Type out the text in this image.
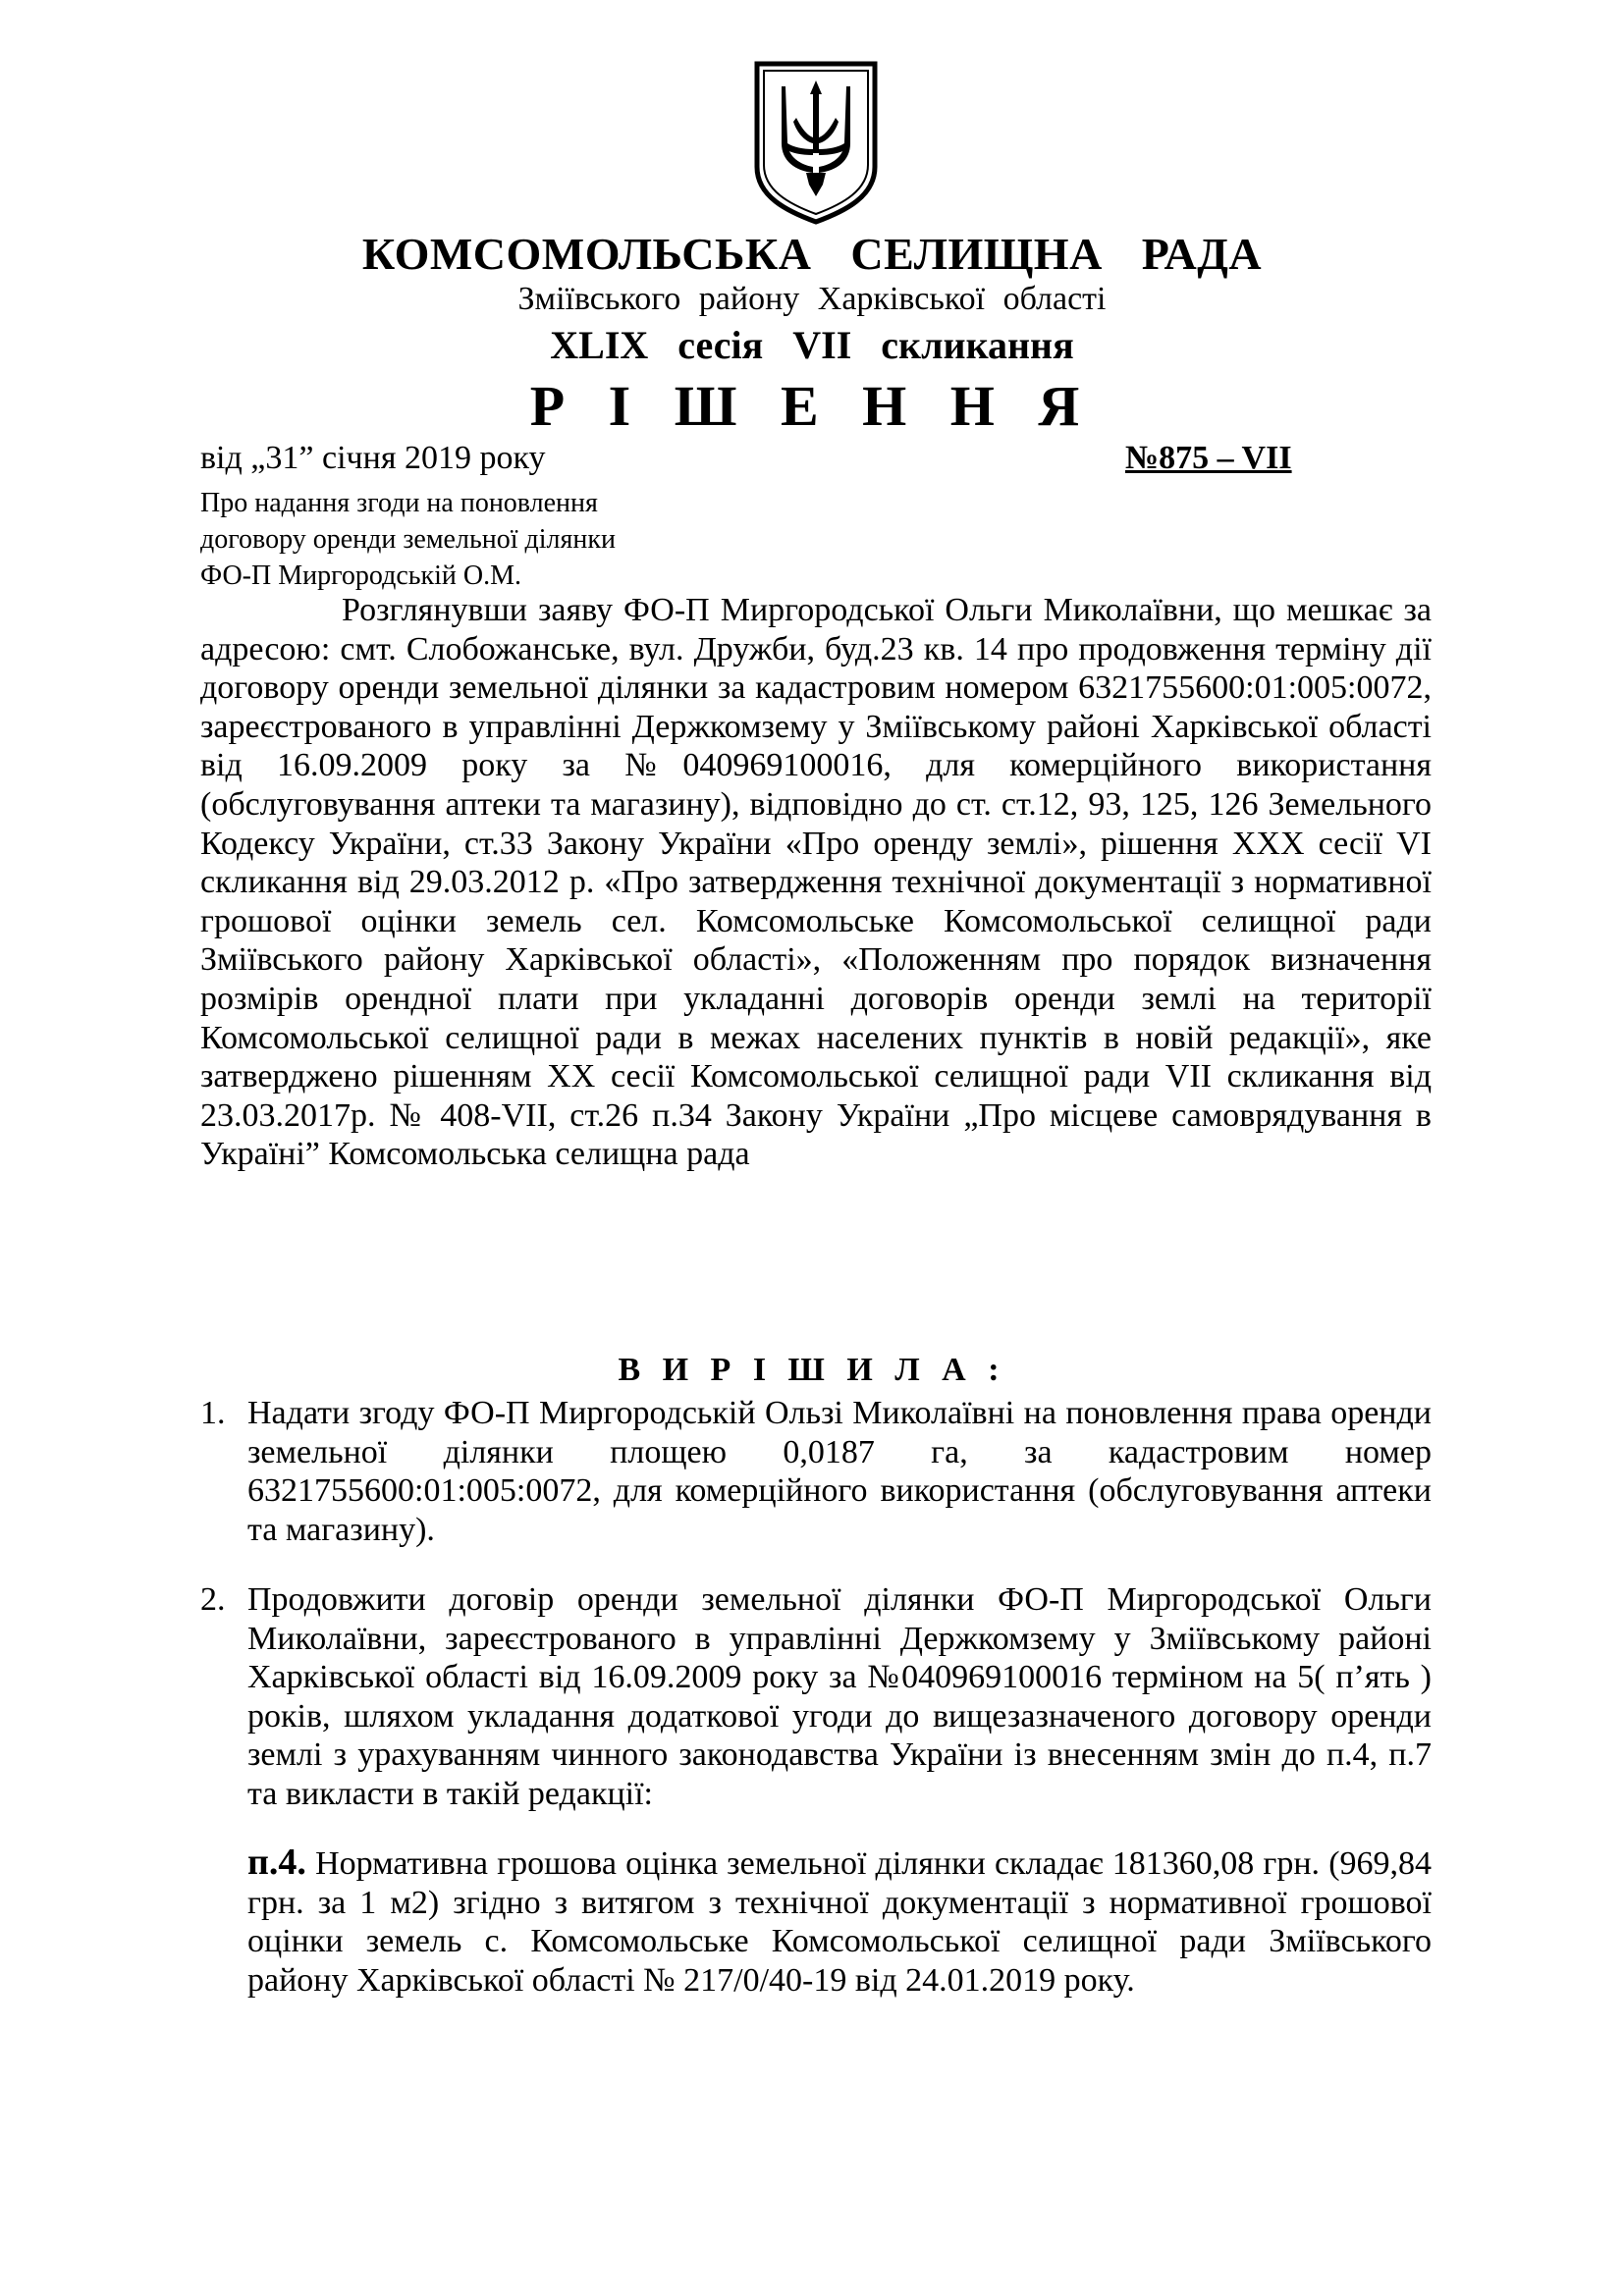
КОМСОМОЛЬСЬКА СЕЛИЩНА РАДА
Зміївського району Харківської області
XLIX сесія VII скликання
Р І Ш Е Н Н Я
від „31” січня 2019 року	№875 – VII
Про надання згоди на поновлення
договору оренди земельної ділянки
ФО-П Миргородській О.М.
Розглянувши заяву ФО-П Миргородської Ольги Миколаївни, що мешкає за адресою: смт. Слобожанське, вул. Дружби, буд.23 кв. 14 про продовження терміну дії договору оренди земельної ділянки за кадастровим номером 6321755600:01:005:0072, зареєстрованого в управлінні Держкомзему у Зміївському районі Харківської області від 16.09.2009 року за №040969100016, для комерційного використання (обслуговування аптеки та магазину), відповідно до ст. ст.12, 93, 125, 126 Земельного Кодексу України, ст.33 Закону України «Про оренду землі», рішення XXX сесії VI скликання від 29.03.2012 р. «Про затвердження технічної документації з нормативної грошової оцінки земель сел. Комсомольське Комсомольської селищної ради Зміївського району Харківської області», «Положенням про порядок визначення розмірів орендної плати при укладанні договорів оренди землі на території Комсомольської селищної ради в межах населених пунктів в новій редакції», яке затверджено рішенням XX сесії Комсомольської селищної ради VII скликання від 23.03.2017р. № 408-VII, ст.26 п.34 Закону України „Про місцеве самоврядування в Україні” Комсомольська селищна рада
В И Р І Ш И Л А :
1. Надати згоду ФО-П Миргородській Ользі Миколаївні на поновлення права оренди земельної ділянки площею 0,0187 га, за кадастровим номер 6321755600:01:005:0072, для комерційного використання (обслуговування аптеки та магазину).
2. Продовжити договір оренди земельної ділянки ФО-П Миргородської Ольги Миколаївни, зареєстрованого в управлінні Держкомзему у Зміївському районі Харківської області від 16.09.2009 року за №040969100016 терміном на 5( п’ять ) років, шляхом укладання додаткової угоди до вищезазначеного договору оренди землі з урахуванням чинного законодавства України із внесенням змін до п.4, п.7 та викласти в такій редакції:
п.4. Нормативна грошова оцінка земельної ділянки складає 181360,08 грн. (969,84 грн. за 1 м2) згідно з витягом з технічної документації з нормативної грошової оцінки земель с. Комсомольське Комсомольської селищної ради Зміївського району Харківської області № 217/0/40-19 від 24.01.2019 року.
